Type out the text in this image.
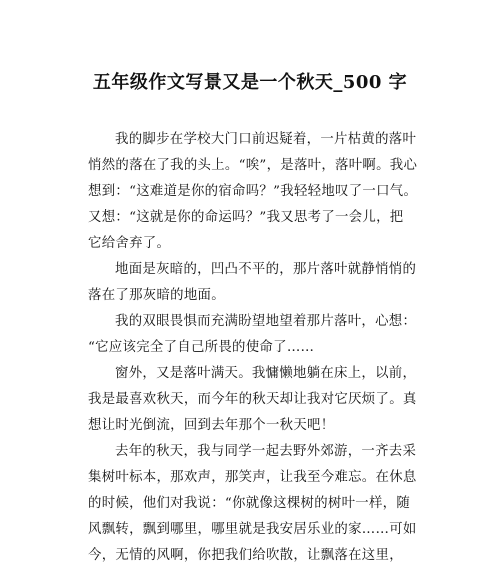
五年级作文写景又是一个秋天_500 字
我的脚步在学校大门口前迟疑着，一片枯黄的落叶
悄然的落在了我的头上。“唉”，是落叶，落叶啊。我心
想到：“这难道是你的宿命吗？”我轻轻地叹了一口气。
又想：“这就是你的命运吗？”我又思考了一会儿，把
它给舍弃了。
地面是灰暗的，凹凸不平的，那片落叶就静悄悄的
落在了那灰暗的地面。
我的双眼畏惧而充满盼望地望着那片落叶，心想：
“它应该完全了自己所畏的使命了……
窗外，又是落叶满天。我慵懒地躺在床上，以前，
我是最喜欢秋天，而今年的秋天却让我对它厌烦了。真
想让时光倒流，回到去年那个一秋天吧！
去年的秋天，我与同学一起去野外郊游，一齐去采
集树叶标本，那欢声，那笑声，让我至今难忘。在休息
的时候，他们对我说：“你就像这棵树的树叶一样，随
风飘转，飘到哪里，哪里就是我安居乐业的家……可如
今，无情的风啊，你把我们给吹散，让飘落在这里，
